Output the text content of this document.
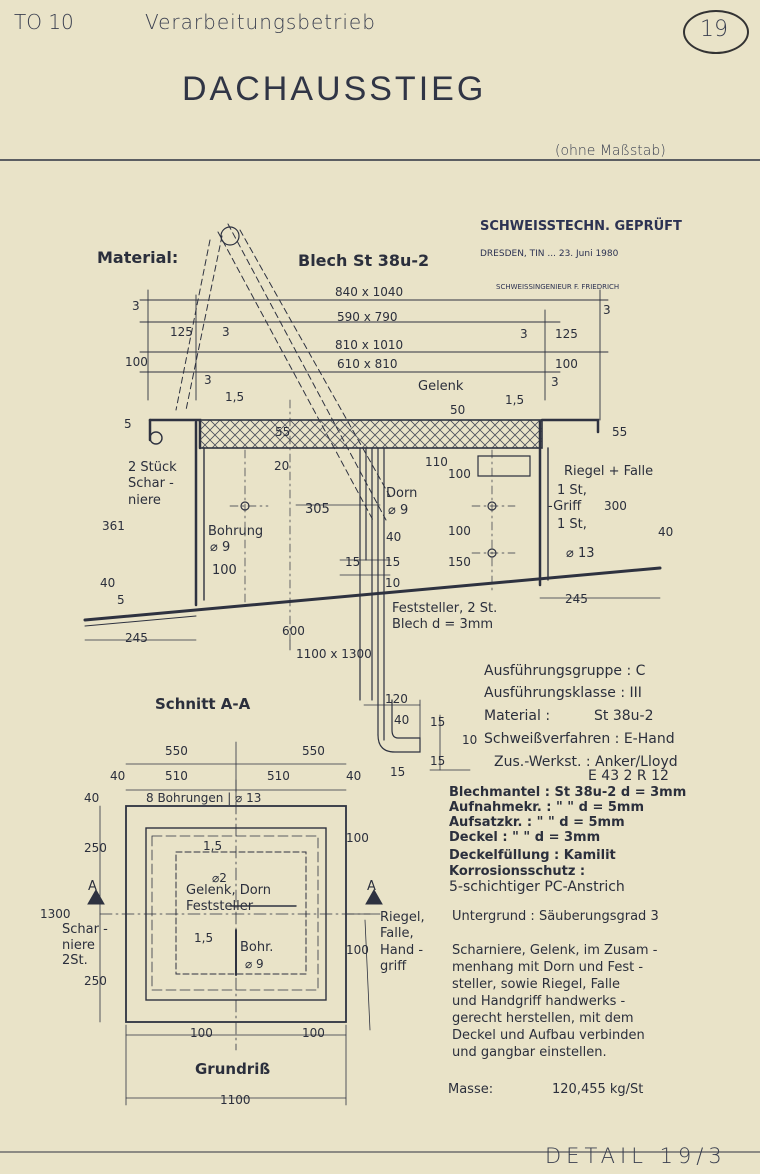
TO 10	Verarbeitungsbetrieb	19
DACHAUSSTIEG
(ohne Maßstab)
SCHWEISSTECHN. GEPRÜFT
DRESDEN, TIN ... 23. Juni 1980
SCHWEISSINGENIEUR F. FRIEDRICH
Material:	Blech St 38u-2
840 x 1040
590 x 790
810 x 1010
610 x 810
3
125 3
100
3
3
3 125
100
3
Gelenk
1,5	1,5
50
55	55
5
20	110
100
2 Stück Schar - niere	Dorn
⌀ 9
305
Bohrung
⌀ 9
100
40	100
150
Riegel + Falle
1 St,
-Griff
1 St,
300
40
⌀ 13
361
40
5
15 15
10
245
245	600
Feststeller, 2 St.
Blech d = 3mm
1100 x 1300
Schnitt A-A	120
40 15
15
10
15
550	550
40	510	510	40
8 Bohrungen | ⌀ 13
40
250
250
1300
100
100
100	100
1100
1,5
1,5
⌀2
⌀ 9
Gelenk, Dorn
Feststeller
Bohr.
Schar - niere 2St.
Riegel, Falle, Hand - griff
A	A
Grundriß
Ausführungsgruppe : C
Ausführungsklasse : III
Material :	St 38u-2
Schweißverfahren : E-Hand
Zus.-Werkst. : Anker/Lloyd
E 43 2 R 12
Blechmantel : St 38u-2 d = 3mm
Aufnahmekr. : " " d = 5mm
Aufsatzkr. : " " d = 5mm
Deckel : " " d = 3mm
Deckelfüllung : Kamilit
Korrosionsschutz :
5-schichtiger PC-Anstrich
Untergrund : Säuberungsgrad 3
Scharniere, Gelenk, im Zusam -
menhang mit Dorn und Fest -
steller, sowie Riegel, Falle
und Handgriff handwerks -
gerecht herstellen, mit dem
Deckel und Aufbau verbinden
und gangbar einstellen.
Masse:	120,455 kg/St
DETAIL 19/3
